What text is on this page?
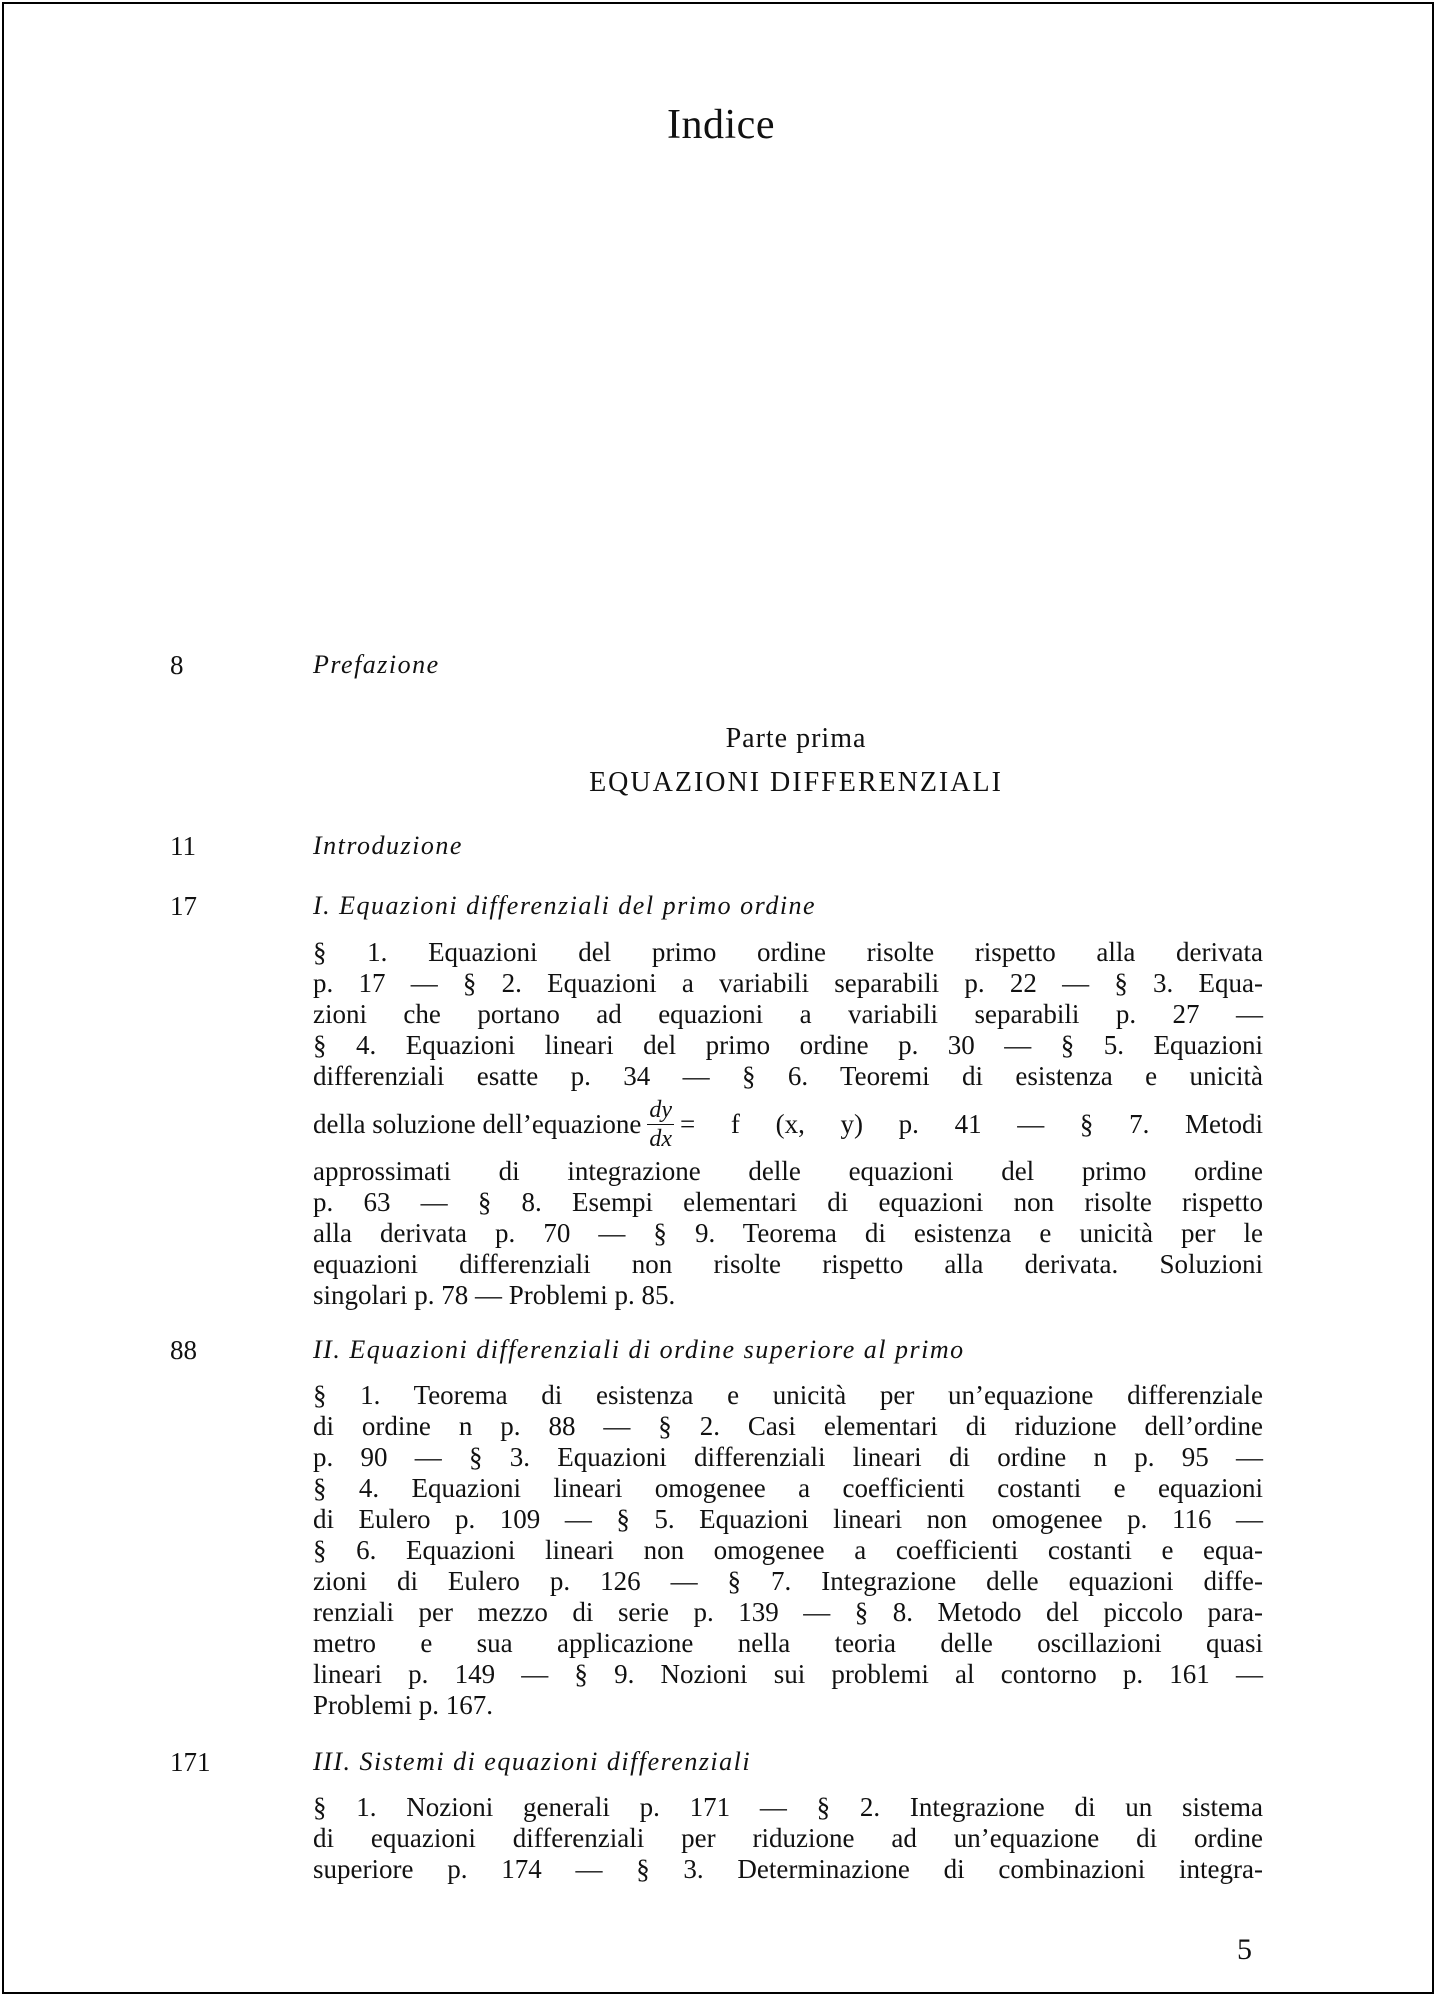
Indice
8	Prefazione
Parte prima
EQUAZIONI DIFFERENZIALI
11	Introduzione
17	I. Equazioni differenziali del primo ordine
§ 1. Equazioni del primo ordine risolte rispetto alla derivata
p. 17 — § 2. Equazioni a variabili separabili p. 22 — § 3. Equa-
zioni che portano ad equazioni a variabili separabili p. 27 —
§ 4. Equazioni lineari del primo ordine p. 30 — § 5. Equazioni
differenziali esatte p. 34 — § 6. Teoremi di esistenza e unicità
della soluzione dell’equazione $\frac{dy}{dx} = f$ (x, y) p. 41 — § 7. Metodi
approssimati di integrazione delle equazioni del primo ordine
p. 63 — § 8. Esempi elementari di equazioni non risolte rispetto
alla derivata p. 70 — § 9. Teorema di esistenza e unicità per le
equazioni differenziali non risolte rispetto alla derivata. Soluzioni
singolari p. 78 — Problemi p. 85.
88	II. Equazioni differenziali di ordine superiore al primo
§ 1. Teorema di esistenza e unicità per un’equazione differenziale
di ordine n p. 88 — § 2. Casi elementari di riduzione dell’ordine
p. 90 — § 3. Equazioni differenziali lineari di ordine n p. 95 —
§ 4. Equazioni lineari omogenee a coefficienti costanti e equazioni
di Eulero p. 109 — § 5. Equazioni lineari non omogenee p. 116 —
§ 6. Equazioni lineari non omogenee a coefficienti costanti e equa-
zioni di Eulero p. 126 — § 7. Integrazione delle equazioni diffe-
renziali per mezzo di serie p. 139 — § 8. Metodo del piccolo para-
metro e sua applicazione nella teoria delle oscillazioni quasi
lineari p. 149 — § 9. Nozioni sui problemi al contorno p. 161 —
Problemi p. 167.
171	III. Sistemi di equazioni differenziali
§ 1. Nozioni generali p. 171 — § 2. Integrazione di un sistema
di equazioni differenziali per riduzione ad un’equazione di ordine
superiore p. 174 — § 3. Determinazione di combinazioni integra-
5
